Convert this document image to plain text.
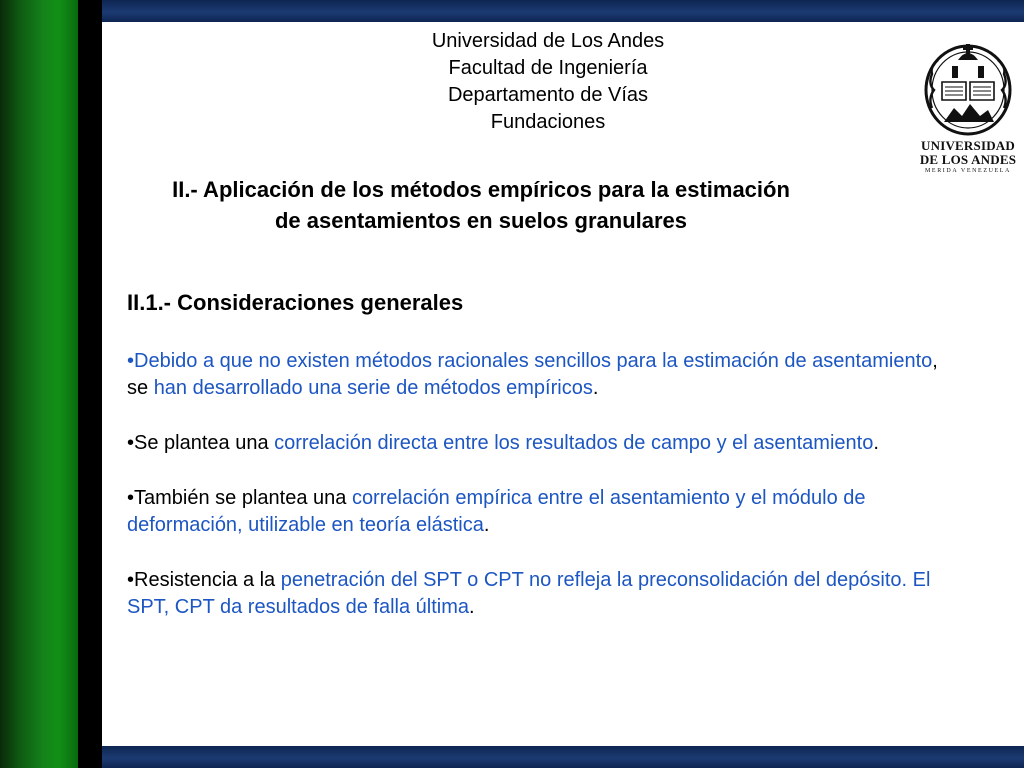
Universidad de Los Andes
Facultad de Ingeniería
Departamento de Vías
Fundaciones
UNIVERSIDAD
DE LOS ANDES
MERIDA VENEZUELA
II.- Aplicación de los métodos empíricos para la estimación
de asentamientos en suelos granulares
II.1.- Consideraciones generales

•Debido a que no existen métodos racionales sencillos para la estimación de asentamiento, se han desarrollado una serie de métodos empíricos.

•Se plantea una correlación directa entre los resultados de campo y el asentamiento.

•También se plantea una correlación empírica entre el asentamiento y el módulo de deformación, utilizable en teoría elástica.

•Resistencia a la penetración del SPT o CPT no refleja la preconsolidación del depósito. El SPT, CPT da resultados de falla última.
